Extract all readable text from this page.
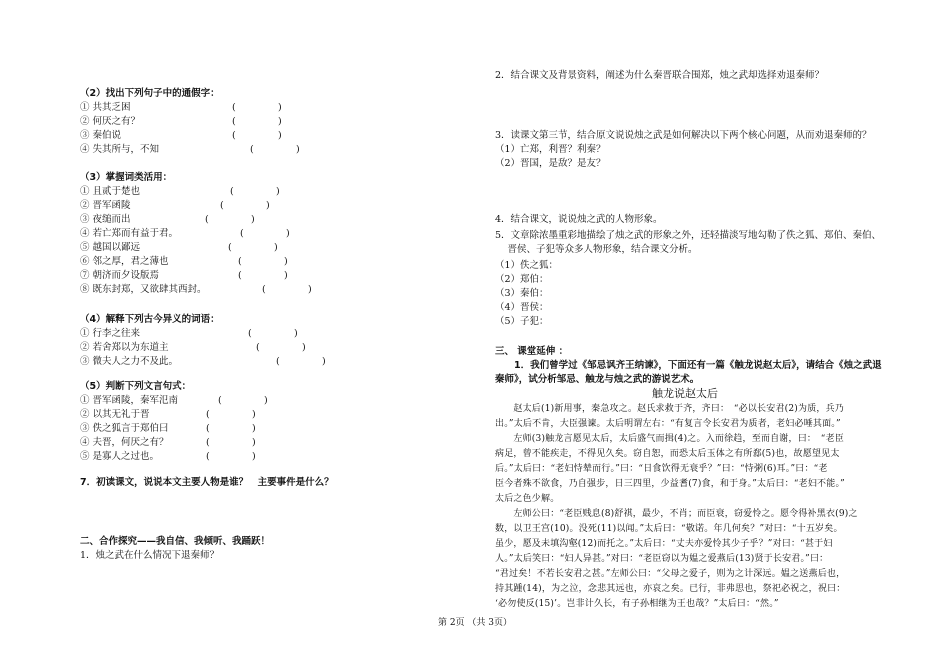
（2）找出下列句子中的通假字：
① 共其乏困	(              )
② 何厌之有？	(              )
③ 秦伯说	(              )
④ 失其所与，不知	(              )
（3）掌握词类活用：
① 且贰于楚也	(              )
② 晋军函陵	(              )
③ 夜缒而出	(              )
④ 若亡郑而有益于君。	(              )
⑤ 越国以鄙远	(              )
⑥ 邻之厚，君之薄也	(              )
⑦ 朝济而夕设版焉	(              )
⑧ 既东封郑，又欲肆其西封。	(              )
（4）解释下列古今异义的词语：
① 行李之往来	(              )
② 若舍郑以为东道主	(              )
③ 微夫人之力不及此。	(              )
（5）判断下列文言句式：
① 晋军函陵，秦军氾南	(              )
② 以其无礼于晋	(              )
③ 佚之狐言于郑伯曰	(              )
④ 夫晋，何厌之有？	(              )
⑤ 是寡人之过也。	(              )
7．初读课文，说说本文主要人物是谁？　主要事件是什么？
二、合作探究——我自信、我倾听、我踊跃！
1．烛之武在什么情况下退秦师？
2．结合课文及背景资料，阐述为什么秦晋联合围郑，烛之武却选择劝退秦师？
3．读课文第三节，结合原文说说烛之武是如何解决以下两个核心问题，从而劝退秦师的？
（1）亡郑，利晋？利秦？
（2）晋国，是敌？是友？
4．结合课文，说说烛之武的人物形象。
5．文章除浓墨重彩地描绘了烛之武的形象之外，还轻描淡写地勾勒了佚之狐、郑伯、秦伯、
　 晋侯、子犯等众多人物形象，结合课文分析。
（1）佚之狐：
（2）郑伯：
（3）秦伯：
（4）晋侯：
（5）子犯：
三、 课堂延伸 ：
　　1．我们曾学过《邹忌讽齐王纳谏》，下面还有一篇《触龙说赵太后》，请结合《烛之武退
秦师》，试分析邹忌、触龙与烛之武的游说艺术。
触龙说赵太后
　　赵太后(1)新用事，秦急攻之。赵氏求救于齐，齐曰：　“必以长安君(2)为质，兵乃
出。”太后不肯，大臣强谏。太后明谓左右：“有复言令长安君为质者，老妇必唾其面。”
　　左师(3)触龙言愿见太后，太后盛气而揖(4)之。入而徐趋，至而自谢，曰：　“老臣
病足，曾不能疾走，不得见久矣。窃自恕，而恐太后玉体之有所郄(5)也，故愿望见太
后。”太后曰：“老妇恃辇而行。”曰：“日食饮得无衰乎？”曰：“恃粥(6)耳。”曰：“老
臣今者殊不欲食，乃自强步，日三四里，少益耆(7)食，和于身。”太后曰：“老妇不能。”
太后之色少解。
　　左师公曰：“老臣贱息(8)舒祺，最少，不肖；而臣衰，窃爱怜之。愿令得补黑衣(9)之
数，以卫王宫(10)。没死(11)以闻。”太后曰：“敬诺。年几何矣？”对曰：“十五岁矣。
虽少，愿及未填沟壑(12)而托之。”太后曰：“丈夫亦爱怜其少子乎？”对曰：“甚于妇
人。”太后笑曰：“妇人异甚。”对曰：“老臣窃以为媪之爱燕后(13)贤于长安君。”曰：
“君过矣！不若长安君之甚。”左师公曰：“父母之爱子，则为之计深远。媪之送燕后也，
持其踵(14)，为之泣，念悲其远也，亦哀之矣。已行，非弗思也，祭祀必祝之，祝曰：
‘必勿使反(15)’。岂非计久长，有子孙相继为王也哉？”太后曰：“然。”
第 2页 （共 3页）
